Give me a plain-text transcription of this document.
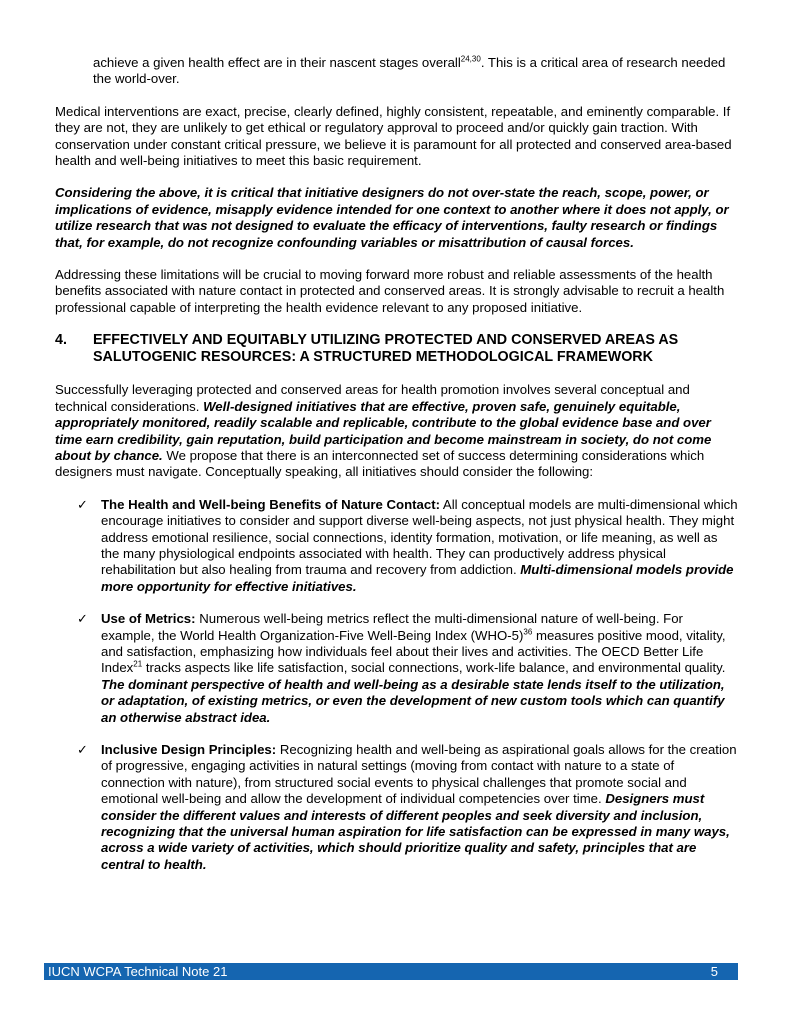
achieve a given health effect are in their nascent stages overall$^{24,30}$. This is a critical area of research needed the world-over.

Medical interventions are exact, precise, clearly defined, highly consistent, repeatable, and eminently comparable. If they are not, they are unlikely to get ethical or regulatory approval to proceed and/or quickly gain traction. With conservation under constant critical pressure, we believe it is paramount for all protected and conserved area-based health and well-being initiatives to meet this basic requirement.

Considering the above, it is critical that initiative designers do not over-state the reach, scope, power, or implications of evidence, misapply evidence intended for one context to another where it does not apply, or utilize research that was not designed to evaluate the efficacy of interventions, faulty research or findings that, for example, do not recognize confounding variables or misattribution of causal forces.

Addressing these limitations will be crucial to moving forward more robust and reliable assessments of the health benefits associated with nature contact in protected and conserved areas. It is strongly advisable to recruit a health professional capable of interpreting the health evidence relevant to any proposed initiative.

4.	EFFECTIVELY AND EQUITABLY UTILIZING PROTECTED AND CONSERVED AREAS AS SALUTOGENIC RESOURCES: A STRUCTURED METHODOLOGICAL FRAMEWORK

Successfully leveraging protected and conserved areas for health promotion involves several conceptual and technical considerations. Well-designed initiatives that are effective, proven safe, genuinely equitable, appropriately monitored, readily scalable and replicable, contribute to the global evidence base and over time earn credibility, gain reputation, build participation and become mainstream in society, do not come about by chance. We propose that there is an interconnected set of success determining considerations which designers must navigate. Conceptually speaking, all initiatives should consider the following:

✓ The Health and Well-being Benefits of Nature Contact: All conceptual models are multi-dimensional which encourage initiatives to consider and support diverse well-being aspects, not just physical health. They might address emotional resilience, social connections, identity formation, motivation, or life meaning, as well as the many physiological endpoints associated with health. They can productively address physical rehabilitation but also healing from trauma and recovery from addiction. Multi-dimensional models provide more opportunity for effective initiatives.
✓ Use of Metrics: Numerous well-being metrics reflect the multi-dimensional nature of well-being. For example, the World Health Organization-Five Well-Being Index $(WHO-5)^{36}$ measures positive mood, vitality, and satisfaction, emphasizing how individuals feel about their lives and activities. The OECD Better Life Index$^{21}$ tracks aspects like life satisfaction, social connections, work-life balance, and environmental quality. The dominant perspective of health and well-being as a desirable state lends itself to the utilization, or adaptation, of existing metrics, or even the development of new custom tools which can quantify an otherwise abstract idea.
✓ Inclusive Design Principles: Recognizing health and well-being as aspirational goals allows for the creation of progressive, engaging activities in natural settings (moving from contact with nature to a state of connection with nature), from structured social events to physical challenges that promote social and emotional well-being and allow the development of individual competencies over time. Designers must consider the different values and interests of different peoples and seek diversity and inclusion, recognizing that the universal human aspiration for life satisfaction can be expressed in many ways, across a wide variety of activities, which should prioritize quality and safety, principles that are central to health.
IUCN WCPA Technical Note 21	5
